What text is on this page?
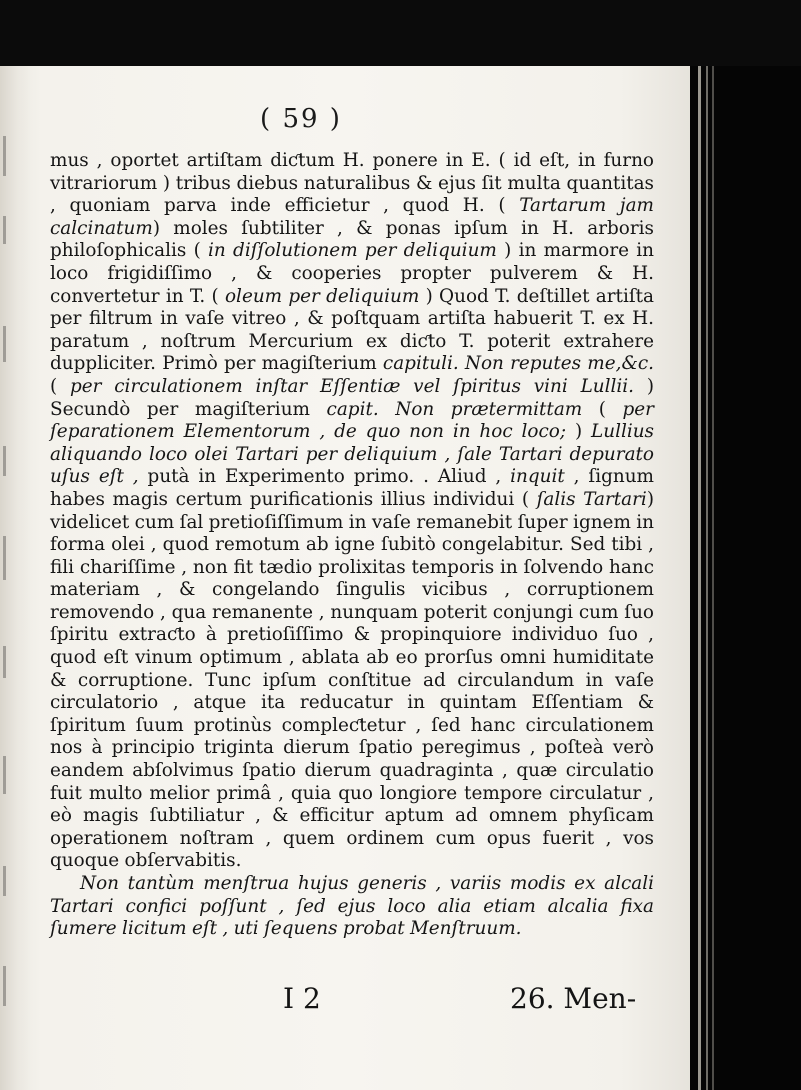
( 59 )

mus , oportet artiſtam diƈtum H. ponere in E. ( id eſt, in furno vitrariorum ) tribus diebus naturalibus & ejus ſit multa quantitas , quoniam parva inde efficietur , quod H. ( Tartarum jam calcinatum) moles ſubtiliter , & ponas ipſum in H. arboris philoſophicalis ( in diſſolutionem per deliquium ) in marmore in loco frigidiſſimo , & cooperies propter pulverem & H. convertetur in T. ( oleum per deliquium ) Quod T. deſtillet artiſta per filtrum in vaſe vitreo , & poſtquam artiſta habuerit T. ex H. paratum , noſtrum Mercurium ex diƈto T. poterit extrahere duppliciter. Primò per magiſterium capituli. Non reputes me,&c. ( per circulationem inſtar Eſſentiæ vel ſpiritus vini Lullii. ) Secundò per magiſterium capit. Non prætermittam ( per ſeparationem Elementorum , de quo non in hoc loco; ) Lullius aliquando loco olei Tartari per deliquium , ſale Tartari depurato uſus eſt , putà in Experimento primo. . Aliud , inquit , ſignum habes magis certum purificationis illius individui ( ſalis Tartari) videlicet cum ſal pretioſiſſimum in vaſe remanebit ſuper ignem in forma olei , quod remotum ab igne ſubitò congelabitur. Sed tibi , fili chariſſime , non fit tædio prolixitas temporis in ſolvendo hanc materiam , & congelando ſingulis vicibus , corruptionem removendo , qua remanente , nunquam poterit conjungi cum ſuo ſpiritu extraƈto à pretioſiſſimo & propinquiore individuo ſuo , quod eſt vinum optimum , ablata ab eo prorſus omni humiditate & corruptione. Tunc ipſum conſtitue ad circulandum in vaſe circulatorio , atque ita reducatur in quintam Eſſentiam & ſpiritum ſuum protinùs compleƈtetur , ſed hanc circulationem nos à principio triginta dierum ſpatio peregimus , poſteà verò eandem abſolvimus ſpatio dierum quadraginta , quæ circulatio fuit multo melior primâ , quia quo longiore tempore circulatur , eò magis ſubtiliatur , & efficitur aptum ad omnem phyſicam operationem noſtram , quem ordinem cum opus fuerit , vos quoque obſervabitis.

Non tantùm menſtrua hujus generis , variis modis ex alcali Tartari confici poſſunt , ſed ejus loco alia etiam alcalia fixa ſumere licitum eſt , uti ſequens probat Menſtruum.

I 2	26. Men-
